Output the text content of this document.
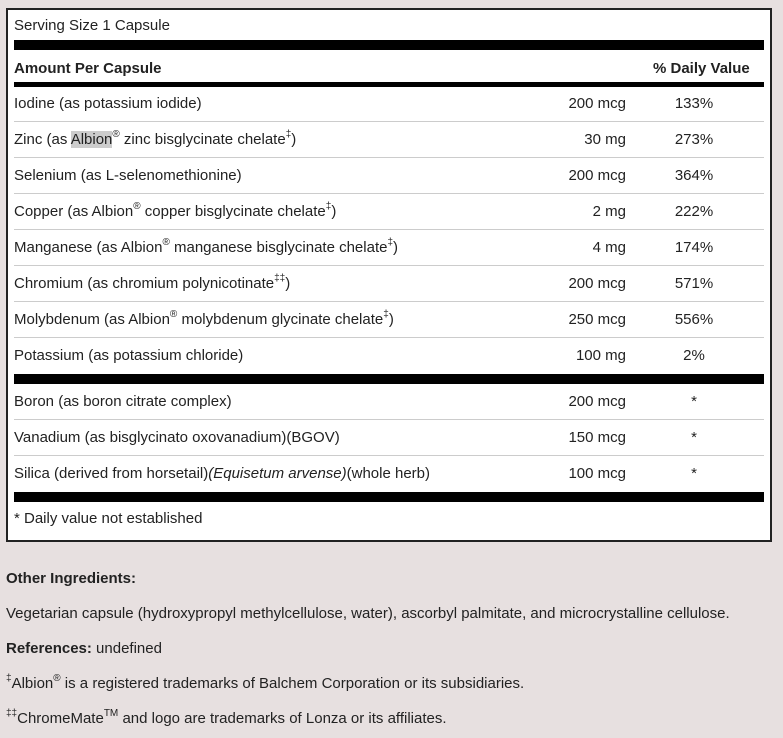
Serving Size 1 Capsule
Amount Per Capsule	% Daily Value
Iodine (as potassium iodide)	200 mcg	133%
Zinc (as Albion® zinc bisglycinate chelate‡)	30 mg	273%
Selenium (as L-selenomethionine)	200 mcg	364%
Copper (as Albion® copper bisglycinate chelate‡)	2 mg	222%
Manganese (as Albion® manganese bisglycinate chelate‡)	4 mg	174%
Chromium (as chromium polynicotinate‡‡)	200 mcg	571%
Molybdenum (as Albion® molybdenum glycinate chelate‡)	250 mcg	556%
Potassium (as potassium chloride)	100 mg	2%
Boron (as boron citrate complex)	200 mcg	*
Vanadium (as bisglycinato oxovanadium)(BGOV)	150 mcg	*
Silica (derived from horsetail)(Equisetum arvense)(whole herb)	100 mcg	*
* Daily value not established
Other Ingredients:
Vegetarian capsule (hydroxypropyl methylcellulose, water), ascorbyl palmitate, and microcrystalline cellulose.
References: undefined
‡Albion® is a registered trademarks of Balchem Corporation or its subsidiaries.
‡‡ChromeMate™ and logo are trademarks of Lonza or its affiliates.
